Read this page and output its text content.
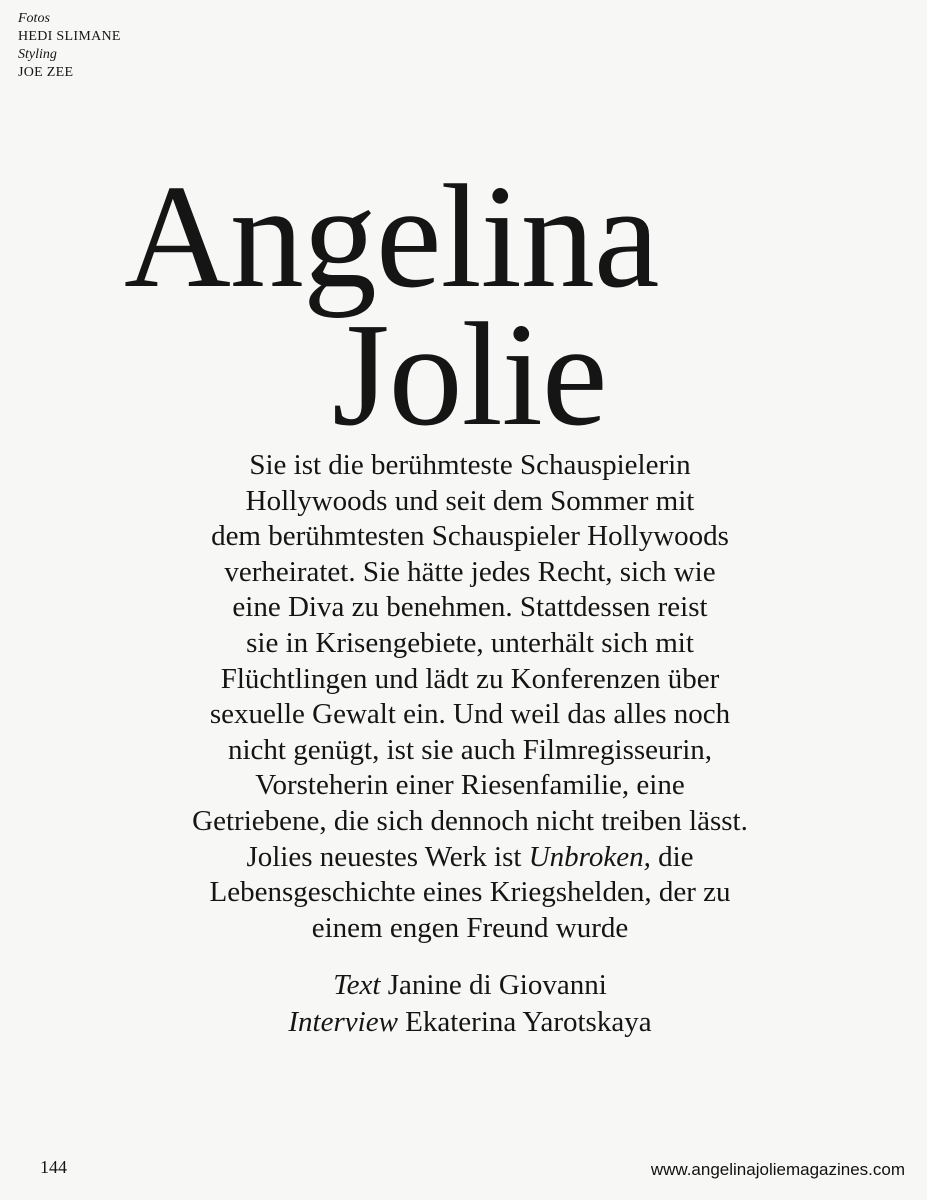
Fotos
HEDI SLIMANE
Styling
JOE ZEE
Angelina
Jolie
Sie ist die berühmteste Schauspielerin
Hollywoods und seit dem Sommer mit
dem berühmtesten Schauspieler Hollywoods
verheiratet. Sie hätte jedes Recht, sich wie
eine Diva zu benehmen. Stattdessen reist
sie in Krisengebiete, unterhält sich mit
Flüchtlingen und lädt zu Konferenzen über
sexuelle Gewalt ein. Und weil das alles noch
nicht genügt, ist sie auch Filmregisseurin,
Vorsteherin einer Riesenfamilie, eine
Getriebene, die sich dennoch nicht treiben lässt.
Jolies neuestes Werk ist Unbroken, die
Lebensgeschichte eines Kriegshelden, der zu
einem engen Freund wurde
Text Janine di Giovanni
Interview Ekaterina Yarotskaya
144	www.angelinajoliemagazines.com
